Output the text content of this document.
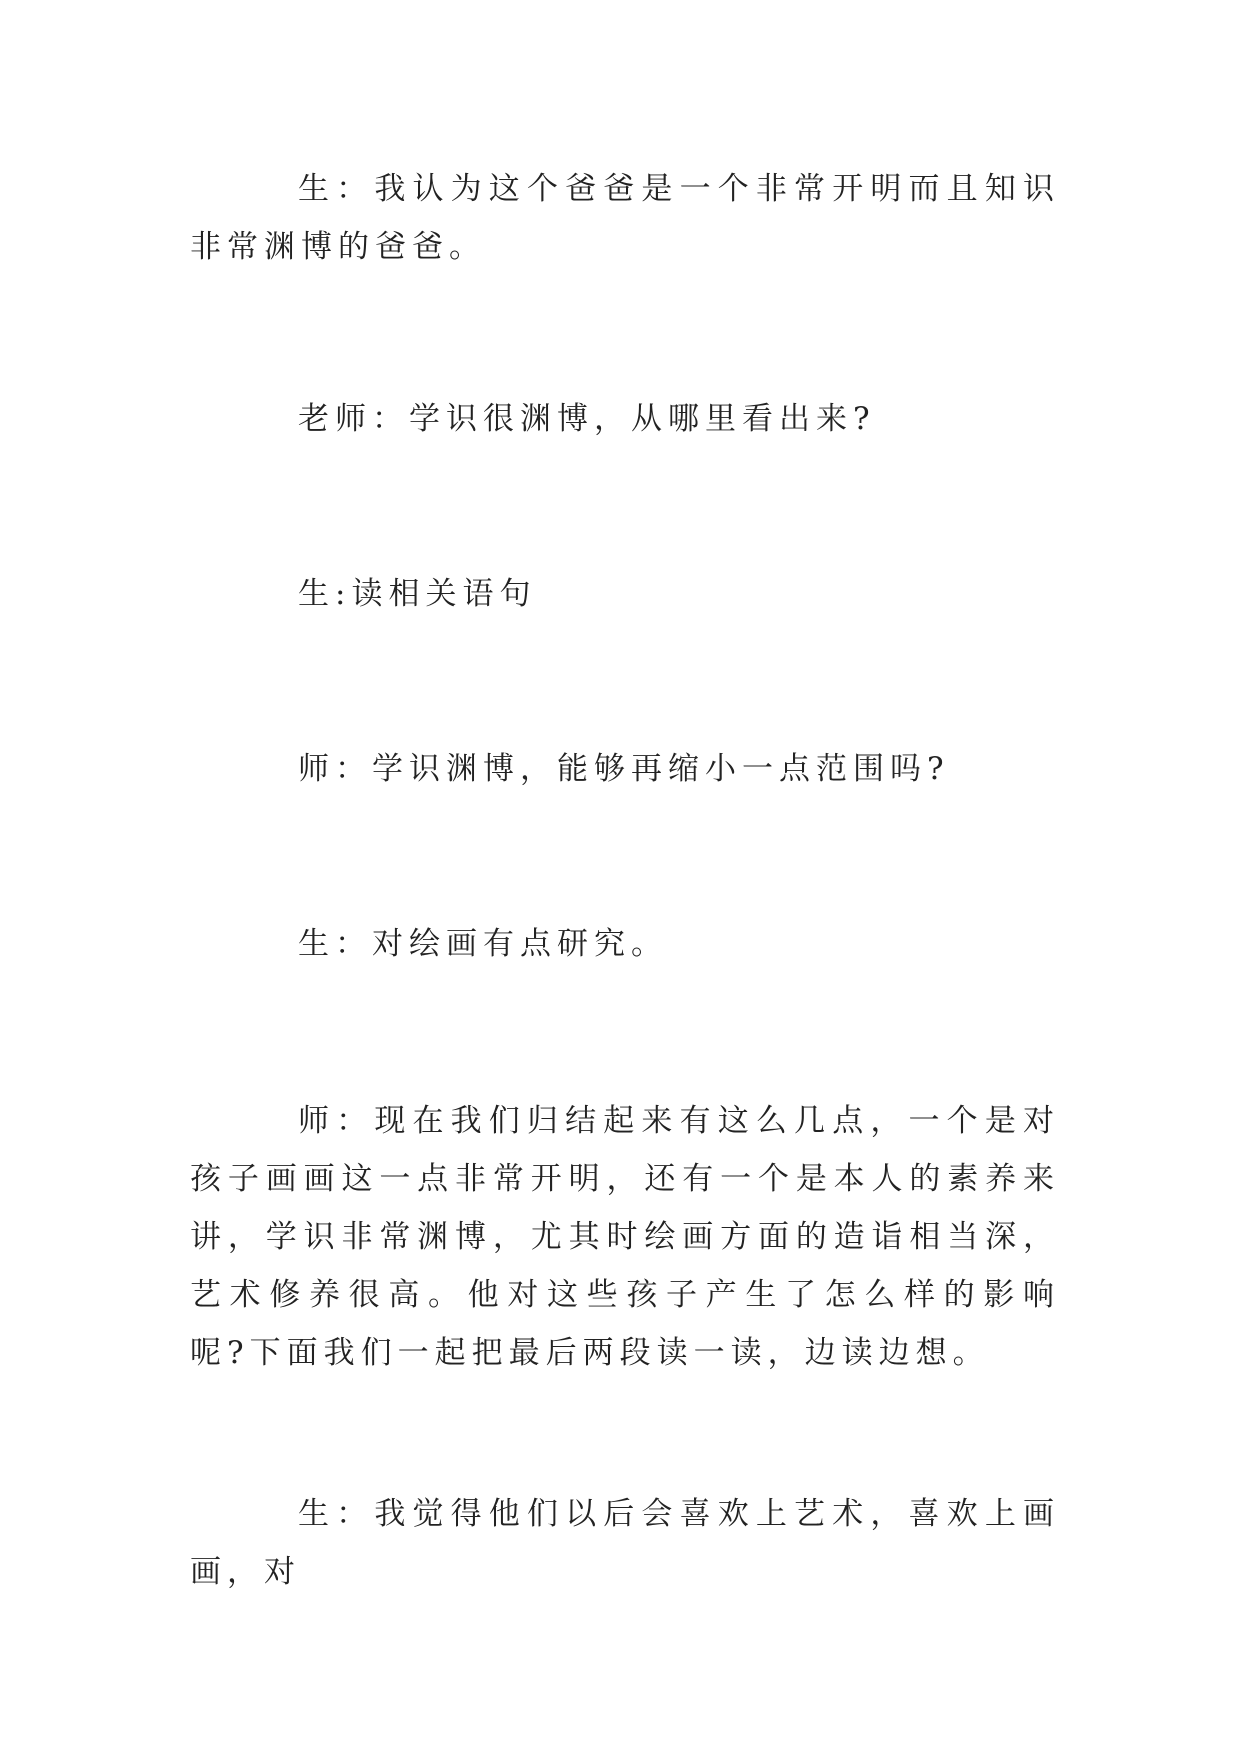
生：我认为这个爸爸是一个非常开明而且知识非常渊博的爸爸。

老师：学识很渊博，从哪里看出来?

生:读相关语句

师：学识渊博，能够再缩小一点范围吗?

生：对绘画有点研究。

师：现在我们归结起来有这么几点，一个是对孩子画画这一点非常开明，还有一个是本人的素养来讲，学识非常渊博，尤其时绘画方面的造诣相当深，艺术修养很高。他对这些孩子产生了怎么样的影响呢?下面我们一起把最后两段读一读，边读边想。

生：我觉得他们以后会喜欢上艺术，喜欢上画画，对
